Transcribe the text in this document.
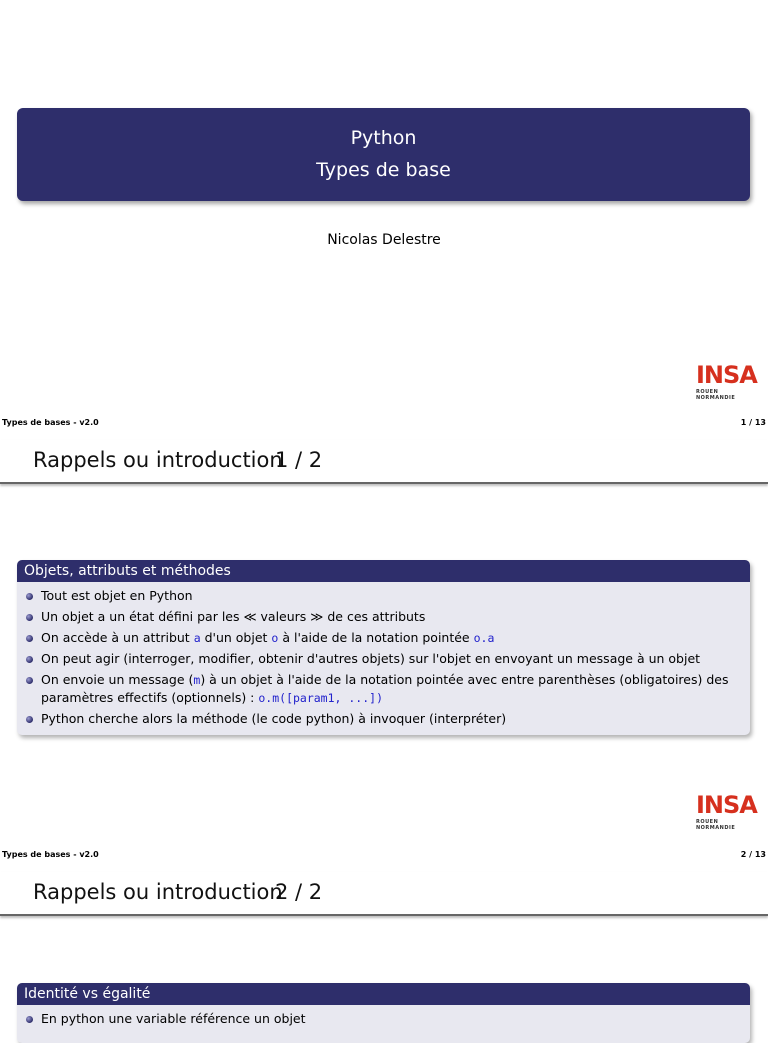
Python
Types de base
Nicolas Delestre
INSA
ROUEN NORMANDIE
Types de bases - v2.0	1 / 13
Rappels ou introduction
1 / 2
Objets, attributs et méthodes
Tout est objet en Python
Un objet a un état défini par les ≪ valeurs ≫ de ces attributs
On accède à un attribut a d'un objet o à l'aide de la notation pointée o.a
On peut agir (interroger, modifier, obtenir d'autres objets) sur l'objet en envoyant un message à un objet
On envoie un message (m) à un objet à l'aide de la notation pointée avec entre parenthèses (obligatoires) des paramètres effectifs (optionnels) : o.m([param1, ...])
Python cherche alors la méthode (le code python) à invoquer (interpréter)
INSA
ROUEN NORMANDIE
Types de bases - v2.0	2 / 13
Rappels ou introduction
2 / 2
Identité vs égalité
En python une variable référence un objet
